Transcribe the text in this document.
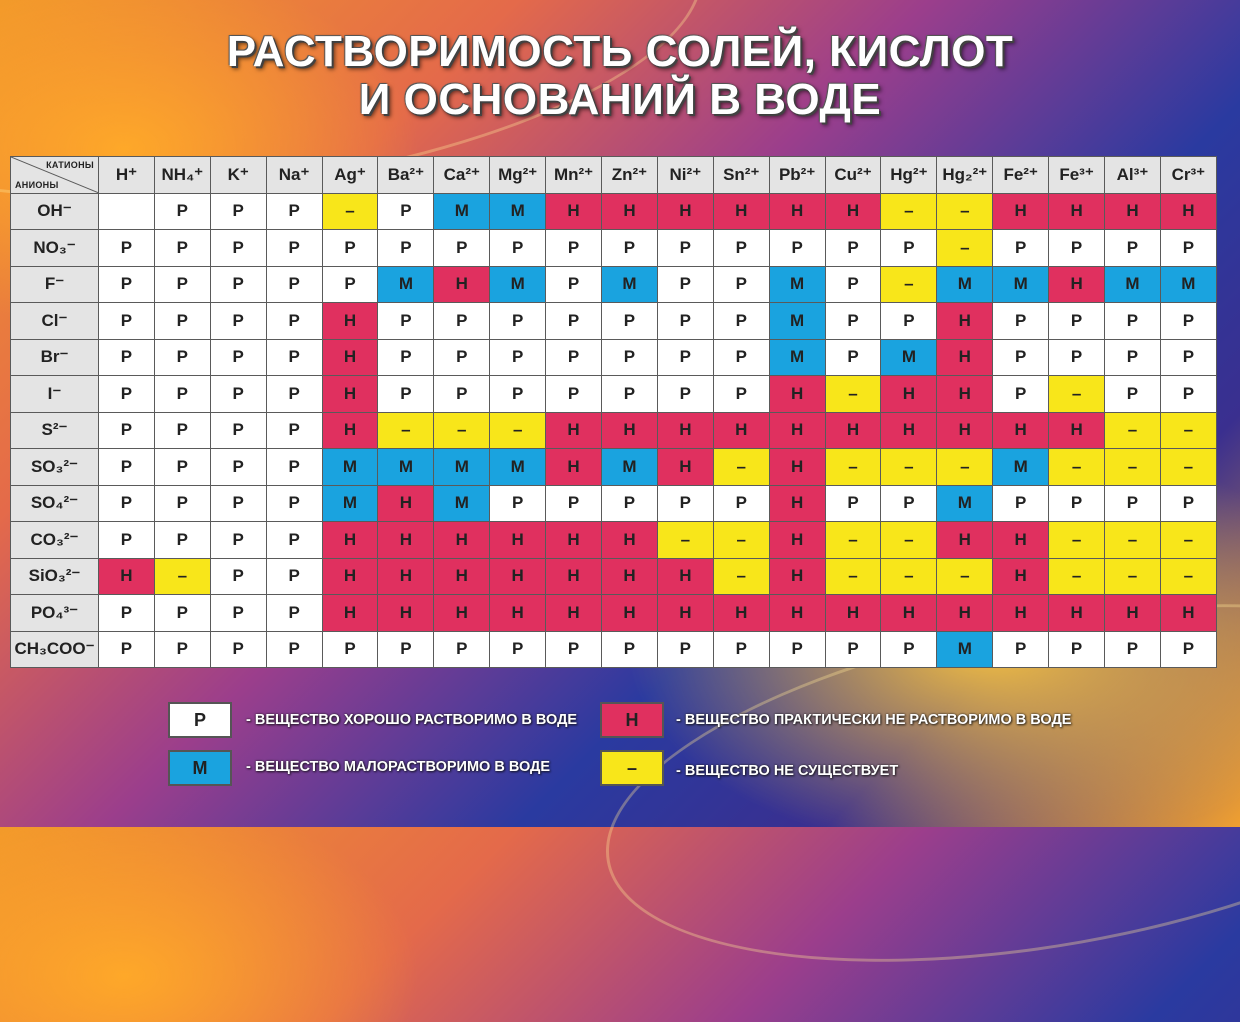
РАСТВОРИМОСТЬ СОЛЕЙ, КИСЛОТ
И ОСНОВАНИЙ В ВОДЕ
КАТИОНЫ
АНИОНЫ	H⁺	NH₄⁺	K⁺	Na⁺	Ag⁺	Ba²⁺	Ca²⁺	Mg²⁺	Mn²⁺	Zn²⁺	Ni²⁺	Sn²⁺	Pb²⁺	Cu²⁺	Hg²⁺	Hg₂²⁺	Fe²⁺	Fe³⁺	Al³⁺	Cr³⁺
OH⁻		Р	Р	Р	–	Р	М	М	Н	Н	Н	Н	Н	Н	–	–	Н	Н	Н	Н
NO₃⁻	Р	Р	Р	Р	Р	Р	Р	Р	Р	Р	Р	Р	Р	Р	Р	–	Р	Р	Р	Р
F⁻	Р	Р	Р	Р	Р	М	Н	М	Р	М	Р	Р	М	Р	–	М	М	Н	М	М
Cl⁻	Р	Р	Р	Р	Н	Р	Р	Р	Р	Р	Р	Р	М	Р	Р	Н	Р	Р	Р	Р
Br⁻	Р	Р	Р	Р	Н	Р	Р	Р	Р	Р	Р	Р	М	Р	М	Н	Р	Р	Р	Р
I⁻	Р	Р	Р	Р	Н	Р	Р	Р	Р	Р	Р	Р	Н	–	Н	Н	Р	–	Р	Р
S²⁻	Р	Р	Р	Р	Н	–	–	–	Н	Н	Н	Н	Н	Н	Н	Н	Н	Н	–	–
SO₃²⁻	Р	Р	Р	Р	М	М	М	М	Н	М	Н	–	Н	–	–	–	М	–	–	–
SO₄²⁻	Р	Р	Р	Р	М	Н	М	Р	Р	Р	Р	Р	Н	Р	Р	М	Р	Р	Р	Р
CO₃²⁻	Р	Р	Р	Р	Н	Н	Н	Н	Н	Н	–	–	Н	–	–	Н	Н	–	–	–
SiO₃²⁻	Н	–	Р	Р	Н	Н	Н	Н	Н	Н	Н	–	Н	–	–	–	Н	–	–	–
PO₄³⁻	Р	Р	Р	Р	Н	Н	Н	Н	Н	Н	Н	Н	Н	Н	Н	Н	Н	Н	Н	Н
CH₃COO⁻	Р	Р	Р	Р	Р	Р	Р	Р	Р	Р	Р	Р	Р	Р	Р	М	Р	Р	Р	Р
Р	- ВЕЩЕСТВО ХОРОШО РАСТВОРИМО В ВОДЕ
М	- ВЕЩЕСТВО МАЛОРАСТВОРИМО В ВОДЕ
Н	- ВЕЩЕСТВО ПРАКТИЧЕСКИ НЕ РАСТВОРИМО В ВОДЕ
–	- ВЕЩЕСТВО НЕ СУЩЕСТВУЕТ
